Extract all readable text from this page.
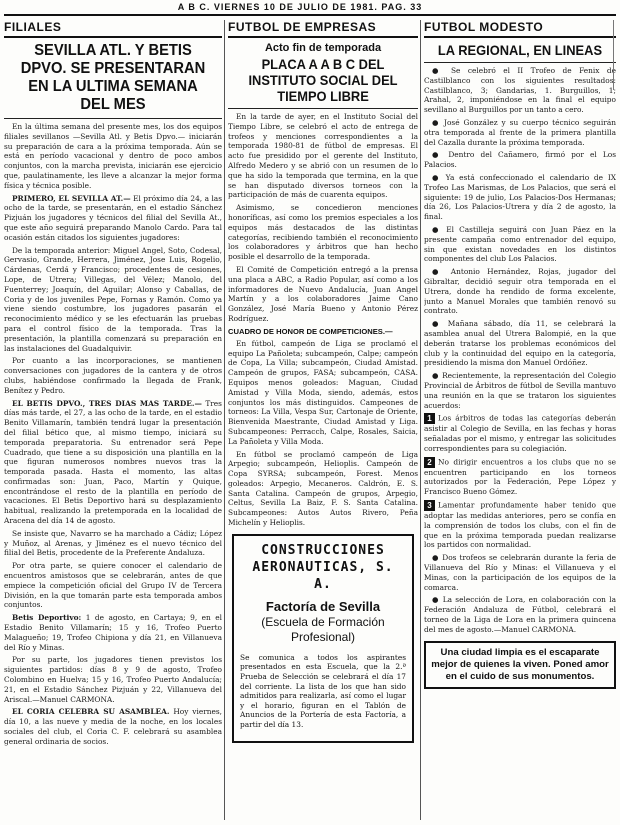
A B C. VIERNES 10 DE JULIO DE 1981. PAG. 33
FILIALES
SEVILLA ATL. Y BETIS DPVO. SE PRESENTARAN EN LA ULTIMA SEMANA DEL MES

En la última semana del presente mes, los dos equipos filiales sevillanos —Sevilla Atl. y Betis Dpvo.— iniciarán su preparación de cara a la próxima temporada. Aún se está en período vacacional y dentro de poco ambos conjuntos, con la marcha prevista, iniciarán ese ejercicio que, paulatinamente, les lleve a alcanzar la mejor forma física y técnica posible.

PRIMERO, EL SEVILLA AT.— El próximo día 24, a las ocho de la tarde, se presentarán, en el estadio Sánchez Pizjuán los jugadores y técnicos del filial del Sevilla At., que este año seguirá preparando Manolo Cardo. Para tal ocasión están citados los siguientes jugadores:

De la temporada anterior: Miguel Angel, Soto, Codesal, Gervasio, Grande, Herrera, Jiménez, Jose Luis, Rogelio, Cárdenas, Cerdá y Francisco; procedentes de cesiones, Lope, de Utrera; Villegas, del Vélez; Manolo, del Fuenterrey; Joaquín, del Aguilar; Alonso y Caballas, de Coria y de los juveniles Pepe, Fornas y Ramón. Como ya viene siendo costumbre, los jugadores pasarán el reconocimiento médico y se les efectuarán las pruebas para el control físico de la temporada. Tras la presentación, la plantilla comenzará su preparación en las instalaciones del Guadalquivir.

Por cuanto a las incorporaciones, se mantienen conversaciones con jugadores de la cantera y de otros clubs, habiéndose confirmado la llegada de Frank, Benítez y Pedro.

EL BETIS DPVO., TRES DIAS MAS TARDE.— Tres días más tarde, el 27, a las ocho de la tarde, en el estadio Benito Villamarín, también tendrá lugar la presentación del filial bético que, al mismo tiempo, iniciará su temporada preparatoria. Su entrenador será Pepe Cuadrado, que tiene a su disposición una plantilla en la que figuran numerosos nombres nuevos tras la temporada pasada. Hasta el momento, las altas confirmadas son: Juan, Paco, Martín y Quique, encontrándose el resto de la plantilla en período de vacaciones. El Betis Deportivo hará su desplazamiento habitual, realizando la pretemporada en la localidad de Aracena del día 14 de agosto.

Se insiste que, Navarro se ha marchado a Cádiz; López y Muñoz, al Arenas, y Jiménez es el nuevo técnico del filial del Betis, procedente de la Preferente Andaluza.

Por otra parte, se quiere conocer el calendario de encuentros amistosos que se celebrarán, antes de que empiece la competición oficial del Grupo IV de Tercera División, en la que tomarán parte esta temporada ambos conjuntos.

Betis Deportivo: 1 de agosto, en Cartaya; 9, en el Estadio Benito Villamarín; 15 y 16, Trofeo Puerto Malagueño; 19, Trofeo Chipiona y día 21, en Villanueva del Río y Minas.

Por su parte, los jugadores tienen previstos los siguientes partidos: días 8 y 9 de agosto, Trofeo Colombino en Huelva; 15 y 16, Trofeo Puerto Andalucía; 21, en el Estadio Sánchez Pizjuán y 22, Villanueva del Ariscal.—Manuel CARMONA.

EL CORIA CELEBRA SU ASAMBLEA. Hoy viernes, día 10, a las nueve y media de la noche, en los locales sociales del club, el Coria C. F. celebrará su asamblea general ordinaria de socios.

FUTBOL DE EMPRESAS
Acto fin de temporada
PLACA A A B C DEL INSTITUTO SOCIAL DEL TIEMPO LIBRE

En la tarde de ayer, en el Instituto Social del Tiempo Libre, se celebró el acto de entrega de trofeos y menciones correspondientes a la temporada 1980-81 de fútbol de empresas. El acto fue presidido por el gerente del Instituto, Alfredo Medero y se abrió con un resumen de lo que ha sido la temporada que termina, en la que se han disputado diversos torneos con la participación de más de cuarenta equipos.

Asimismo, se concedieron menciones honoríficas, así como los premios especiales a los equipos más destacados de las distintas categorías, recibiendo también el reconocimiento los colaboradores y árbitros que han hecho posible el desarrollo de la temporada.

El Comité de Competición entregó a la prensa una placa a ABC, a Radio Popular, así como a los informadores de Nuevo Andalucía, Juan Angel Martín y a los colaboradores Jaime Cano González, José María Bueno y Antonio Pérez Rodríguez.

CUADRO DE HONOR DE COMPETICIONES.—

En fútbol, campeón de Liga se proclamó el equipo La Pañoleta; subcampeón, Calpe; campeón de Copa, La Villa; subcampeón, Ciudad Amistad. Campeón de grupos, FASA; subcampeón, CASA. Equipos menos goleados: Maguan, Ciudad Amistad y Villa Moda, siendo, además, estos conjuntos los más distinguidos. Campeones de torneos: La Villa, Vespa Sur, Cartonaje de Oriente, Bienvenida Maestrante, Ciudad Amistad y Liga. Subcampeones: Perracch, Calpe, Rosales, Saicia, La Pañoleta y Villa Moda.

En fútbol se proclamó campeón de Liga Arpegio; subcampeón, Helioplis. Campeón de Copa SYRSA; subcampeón, Forest. Menos goleados: Arpegio, Mecaneros. Caldrón, E. S. Santa Catalina. Campeón de grupos, Arpegio, Celtus, Sevilla La Baiz, F. S. Santa Catalina. Subcampeones: Autos Autos Rivero, Peña Michelín y Helioplis.

CONSTRUCCIONES AERONAUTICAS, S. A.
Factoría de Sevilla
(Escuela de Formación
Profesional)

Se comunica a todos los aspirantes presentados en esta Escuela, que la 2.ª Prueba de Selección se celebrará el día 17 del corriente. La lista de los que han sido admitidos para realizarla, así como el lugar y el horario, figuran en el Tablón de Anuncios de la Portería de esta Factoría, a partir del día 13.

FUTBOL MODESTO
LA REGIONAL, EN LINEAS

● Se celebró el II Trofeo de Fenix de Castilblanco con los siguientes resultados: Castilblanco, 3; Gandarias, 1. Burguillos, 1; Arahal, 2, imponiéndose en la final el equipo sevillano al Burguillos por un tanto a cero.

● José González y su cuerpo técnico seguirán otra temporada al frente de la primera plantilla del Cazalla durante la próxima temporada.

● Dentro del Cañamero, firmó por el Los Palacios.

● Ya está confeccionado el calendario de IX Trofeo Las Marismas, de Los Palacios, que será el siguiente: 19 de julio, Los Palacios-Dos Hermanas; día 26, Los Palacios-Utrera y día 2 de agosto, la final.

● El Castilleja seguirá con Juan Páez en la presente campaña como entrenador del equipo, sin que existan novedades en los distintos componentes del club Los Palacios.

● Antonio Hernández, Rojas, jugador del Gibraltar, decidió seguir otra temporada en el Utrera, donde ha rendido de forma excelente, junto a Manuel Morales que también renovó su contrato.

● Mañana sábado, día 11, se celebrará la asamblea anual del Utrera Balompié, en la que deberán tratarse los problemas económicos del club y la continuidad del equipo en la categoría, presidiendo la misma don Manuel Ordóñez.

● Recientemente, la representación del Colegio Provincial de Árbitros de fútbol de Sevilla mantuvo una reunión en la que se trataron los siguientes acuerdos:

1 Los árbitros de todas las categorías deberán asistir al Colegio de Sevilla, en las fechas y horas señaladas por el mismo, y entregar las solicitudes correspondientes para su colegiación.

2 No dirigir encuentros a los clubs que no se encuentren participando en los torneos autorizados por la Federación, Pepe López y Francisco Bueno Gómez.

3 Lamentar profundamente haber tenido que adoptar las medidas anteriores, pero se confía en la comprensión de todos los clubs, con el fin de que en la próxima temporada puedan realizarse los partidos con normalidad.

● Dos trofeos se celebrarán durante la feria de Villanueva del Río y Minas: el Villanueva y el Minas, con la participación de los equipos de la comarca.

● La selección de Lora, en colaboración con la Federación Andaluza de Fútbol, celebrará el torneo de la Liga de Lora en la primera quincena del mes de agosto.—Manuel CARMONA.

Una ciudad limpia es el escaparate mejor de quienes la viven. Poned amor en el cuido de sus monumentos.
